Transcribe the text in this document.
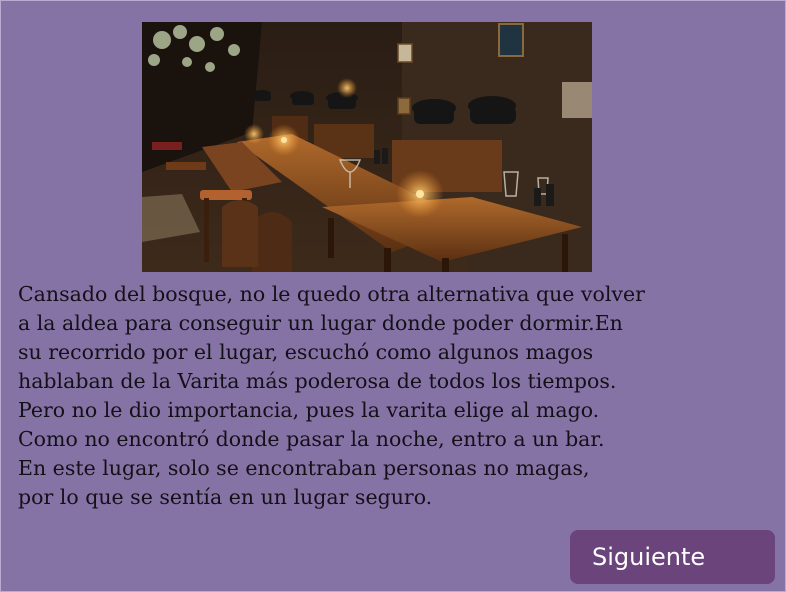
Cansado del bosque, no le quedo otra alternativa que volver
a la aldea para conseguir un lugar donde poder dormir.En
su recorrido por el lugar, escuchó como algunos magos
hablaban de la Varita más poderosa de todos los tiempos.
Pero no le dio importancia, pues la varita elige al mago.
Como no encontró donde pasar la noche, entro a un bar.
En este lugar, solo se encontraban personas no magas,
por lo que se sentía en un lugar seguro.

Siguiente
